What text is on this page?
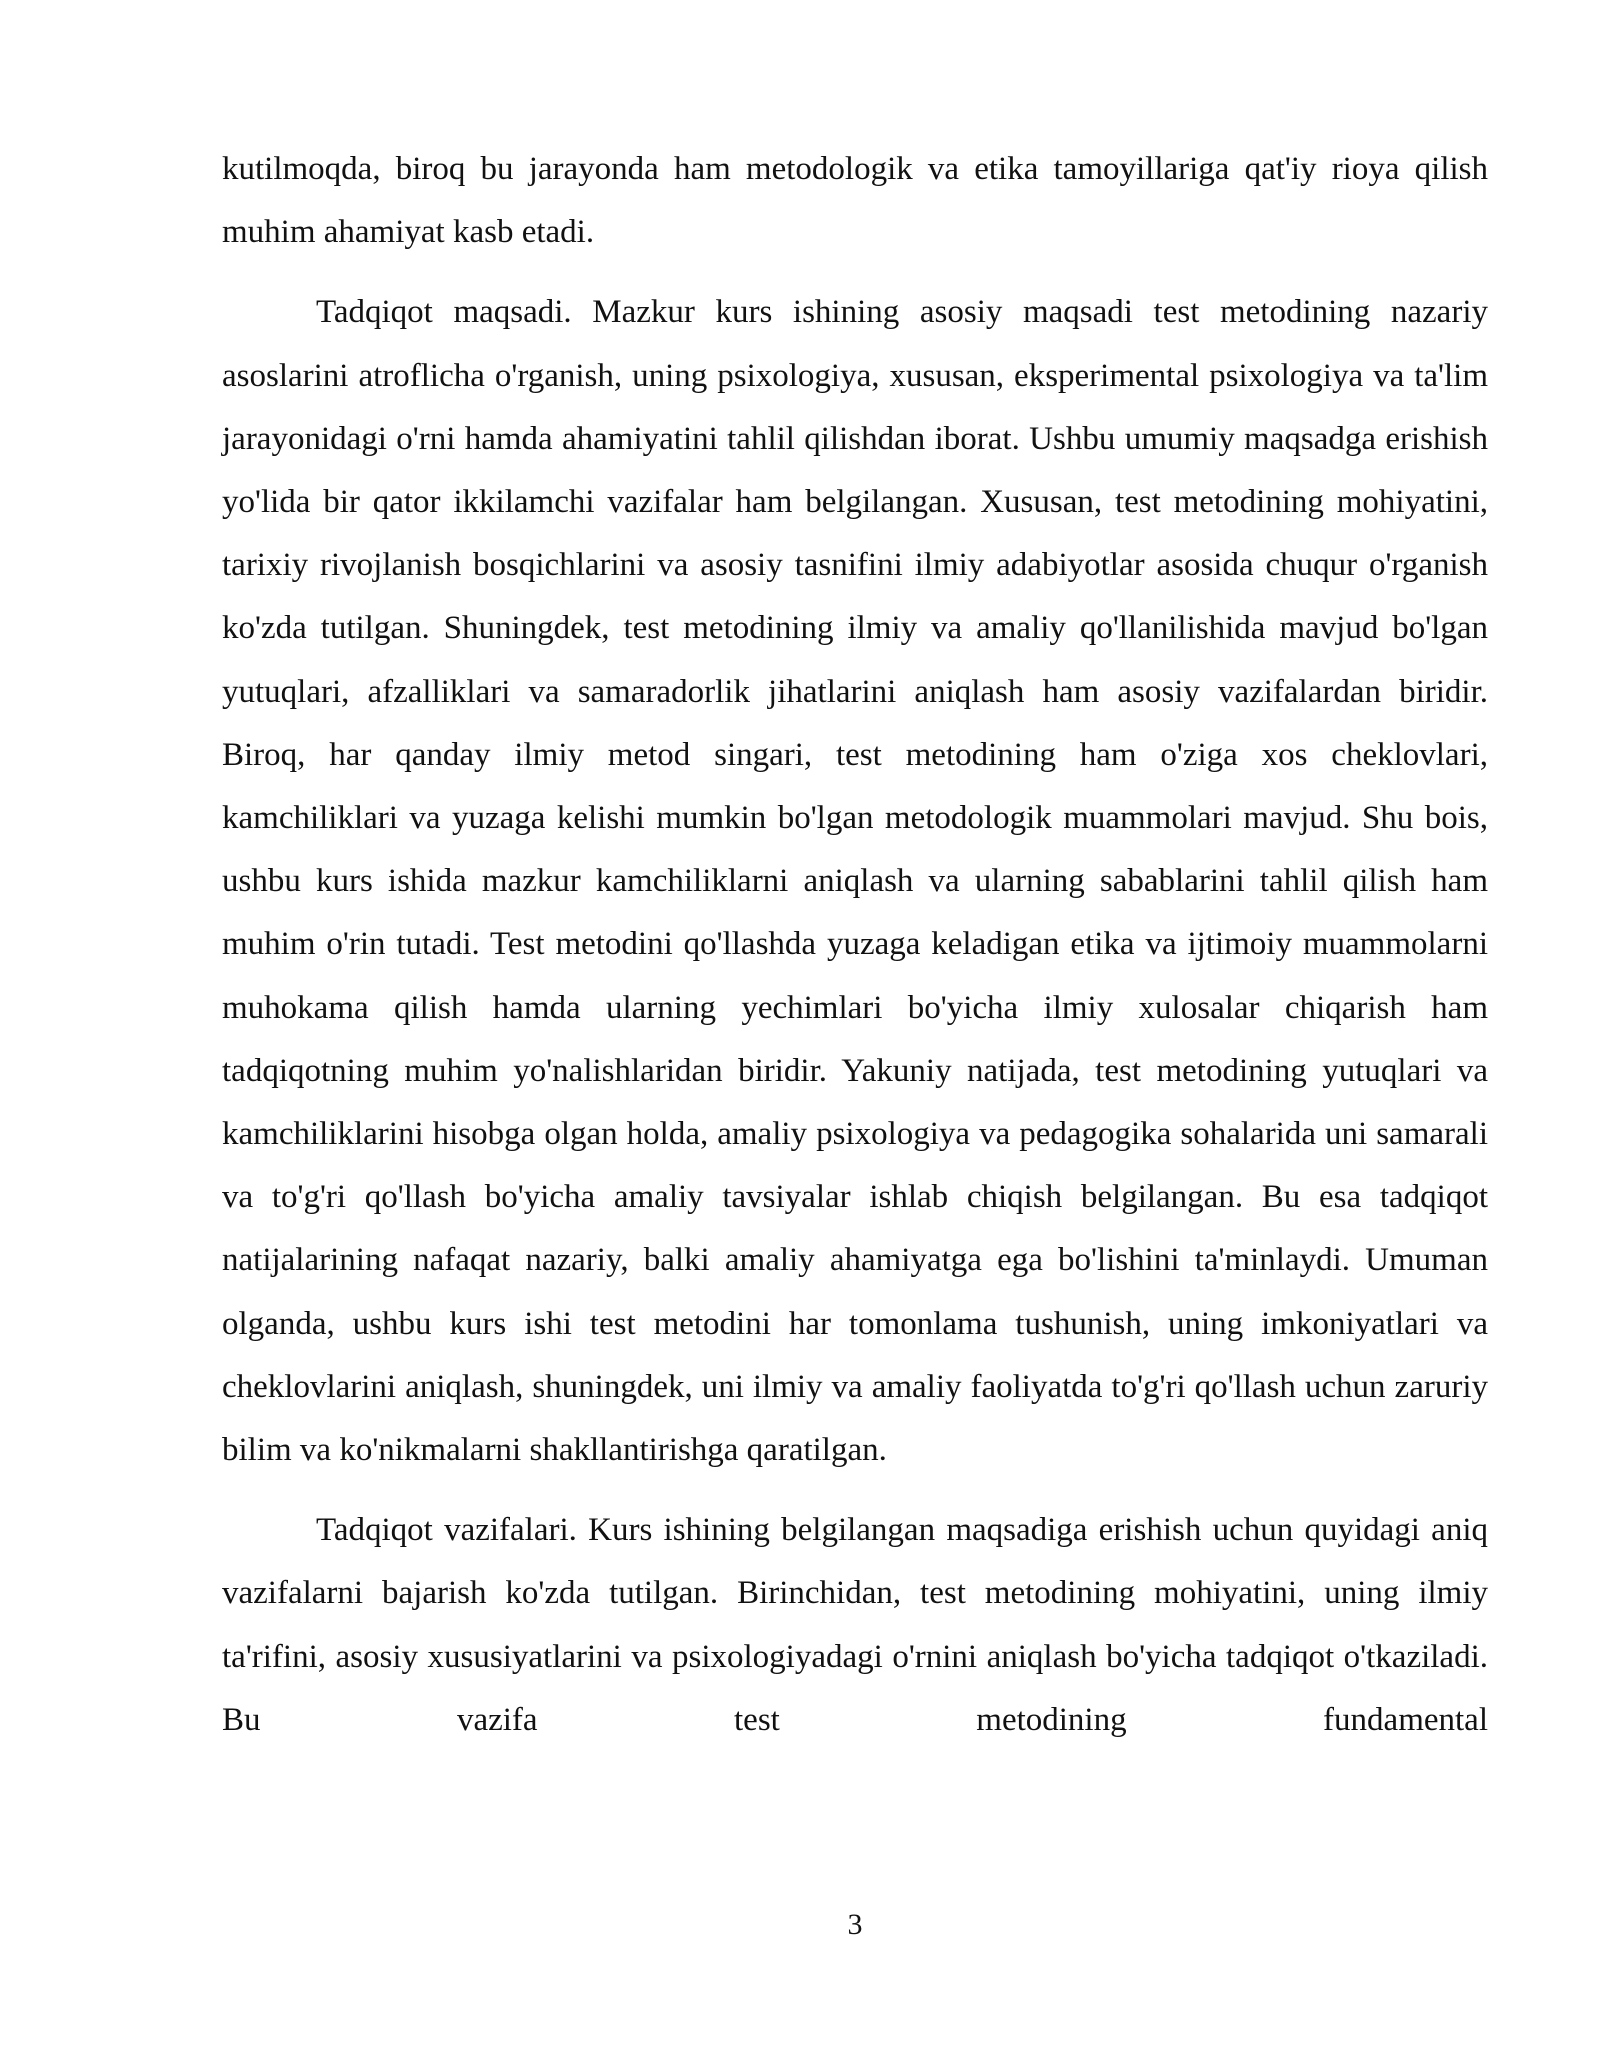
kutilmoqda, biroq bu jarayonda ham metodologik va etika tamoyillariga qat'iy rioya qilish muhim ahamiyat kasb etadi.

Tadqiqot maqsadi. Mazkur kurs ishining asosiy maqsadi test metodining nazariy asoslarini atroflicha o'rganish, uning psixologiya, xususan, eksperimental psixologiya va ta'lim jarayonidagi o'rni hamda ahamiyatini tahlil qilishdan iborat. Ushbu umumiy maqsadga erishish yo'lida bir qator ikkilamchi vazifalar ham belgilangan. Xususan, test metodining mohiyatini, tarixiy rivojlanish bosqichlarini va asosiy tasnifini ilmiy adabiyotlar asosida chuqur o'rganish ko'zda tutilgan. Shuningdek, test metodining ilmiy va amaliy qo'llanilishida mavjud bo'lgan yutuqlari, afzalliklari va samaradorlik jihatlarini aniqlash ham asosiy vazifalardan biridir. Biroq, har qanday ilmiy metod singari, test metodining ham o'ziga xos cheklovlari, kamchiliklari va yuzaga kelishi mumkin bo'lgan metodologik muammolari mavjud. Shu bois, ushbu kurs ishida mazkur kamchiliklarni aniqlash va ularning sabablarini tahlil qilish ham muhim o'rin tutadi. Test metodini qo'llashda yuzaga keladigan etika va ijtimoiy muammolarni muhokama qilish hamda ularning yechimlari bo'yicha ilmiy xulosalar chiqarish ham tadqiqotning muhim yo'nalishlaridan biridir. Yakuniy natijada, test metodining yutuqlari va kamchiliklarini hisobga olgan holda, amaliy psixologiya va pedagogika sohalarida uni samarali va to'g'ri qo'llash bo'yicha amaliy tavsiyalar ishlab chiqish belgilangan. Bu esa tadqiqot natijalarining nafaqat nazariy, balki amaliy ahamiyatga ega bo'lishini ta'minlaydi. Umuman olganda, ushbu kurs ishi test metodini har tomonlama tushunish, uning imkoniyatlari va cheklovlarini aniqlash, shuningdek, uni ilmiy va amaliy faoliyatda to'g'ri qo'llash uchun zaruriy bilim va ko'nikmalarni shakllantirishga qaratilgan.

Tadqiqot vazifalari. Kurs ishining belgilangan maqsadiga erishish uchun quyidagi aniq vazifalarni bajarish ko'zda tutilgan. Birinchidan, test metodining mohiyatini, uning ilmiy ta'rifini, asosiy xususiyatlarini va psixologiyadagi o'rnini aniqlash bo'yicha tadqiqot o'tkaziladi. Bu vazifa test metodining fundamental

3
